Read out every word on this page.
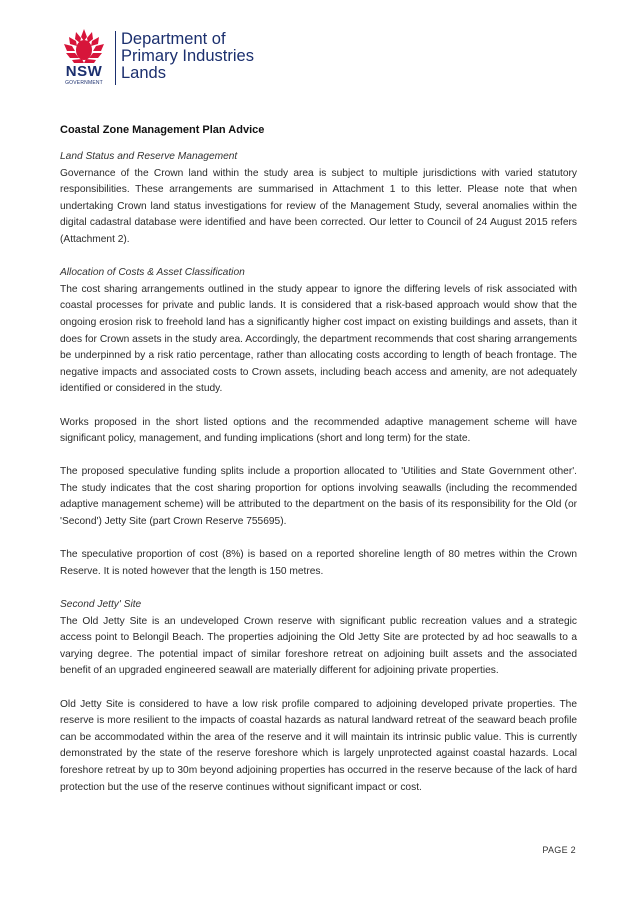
NSW
GOVERNMENT
Department of
Primary Industries
Lands
Coastal Zone Management Plan Advice
Land Status and Reserve Management

Governance of the Crown land within the study area is subject to multiple jurisdictions with varied statutory responsibilities. These arrangements are summarised in Attachment 1 to this letter. Please note that when undertaking Crown land status investigations for review of the Management Study, several anomalies within the digital cadastral database were identified and have been corrected. Our letter to Council of 24 August 2015 refers (Attachment 2).

Allocation of Costs & Asset Classification

The cost sharing arrangements outlined in the study appear to ignore the differing levels of risk associated with coastal processes for private and public lands. It is considered that a risk-based approach would show that the ongoing erosion risk to freehold land has a significantly higher cost impact on existing buildings and assets, than it does for Crown assets in the study area. Accordingly, the department recommends that cost sharing arrangements be underpinned by a risk ratio percentage, rather than allocating costs according to length of beach frontage. The negative impacts and associated costs to Crown assets, including beach access and amenity, are not adequately identified or considered in the study.

Works proposed in the short listed options and the recommended adaptive management scheme will have significant policy, management, and funding implications (short and long term) for the state.

The proposed speculative funding splits include a proportion allocated to 'Utilities and State Government other'. The study indicates that the cost sharing proportion for options involving seawalls (including the recommended adaptive management scheme) will be attributed to the department on the basis of its responsibility for the Old (or 'Second') Jetty Site (part Crown Reserve 755695).

The speculative proportion of cost (8%) is based on a reported shoreline length of 80 metres within the Crown Reserve. It is noted however that the length is 150 metres.

Second Jetty' Site

The Old Jetty Site is an undeveloped Crown reserve with significant public recreation values and a strategic access point to Belongil Beach. The properties adjoining the Old Jetty Site are protected by ad hoc seawalls to a varying degree. The potential impact of similar foreshore retreat on adjoining built assets and the associated benefit of an upgraded engineered seawall are materially different for adjoining private properties.

Old Jetty Site is considered to have a low risk profile compared to adjoining developed private properties. The reserve is more resilient to the impacts of coastal hazards as natural landward retreat of the seaward beach profile can be accommodated within the area of the reserve and it will maintain its intrinsic public value. This is currently demonstrated by the state of the reserve foreshore which is largely unprotected against coastal hazards. Local foreshore retreat by up to 30m beyond adjoining properties has occurred in the reserve because of the lack of hard protection but the use of the reserve continues without significant impact or cost.

PAGE 2
